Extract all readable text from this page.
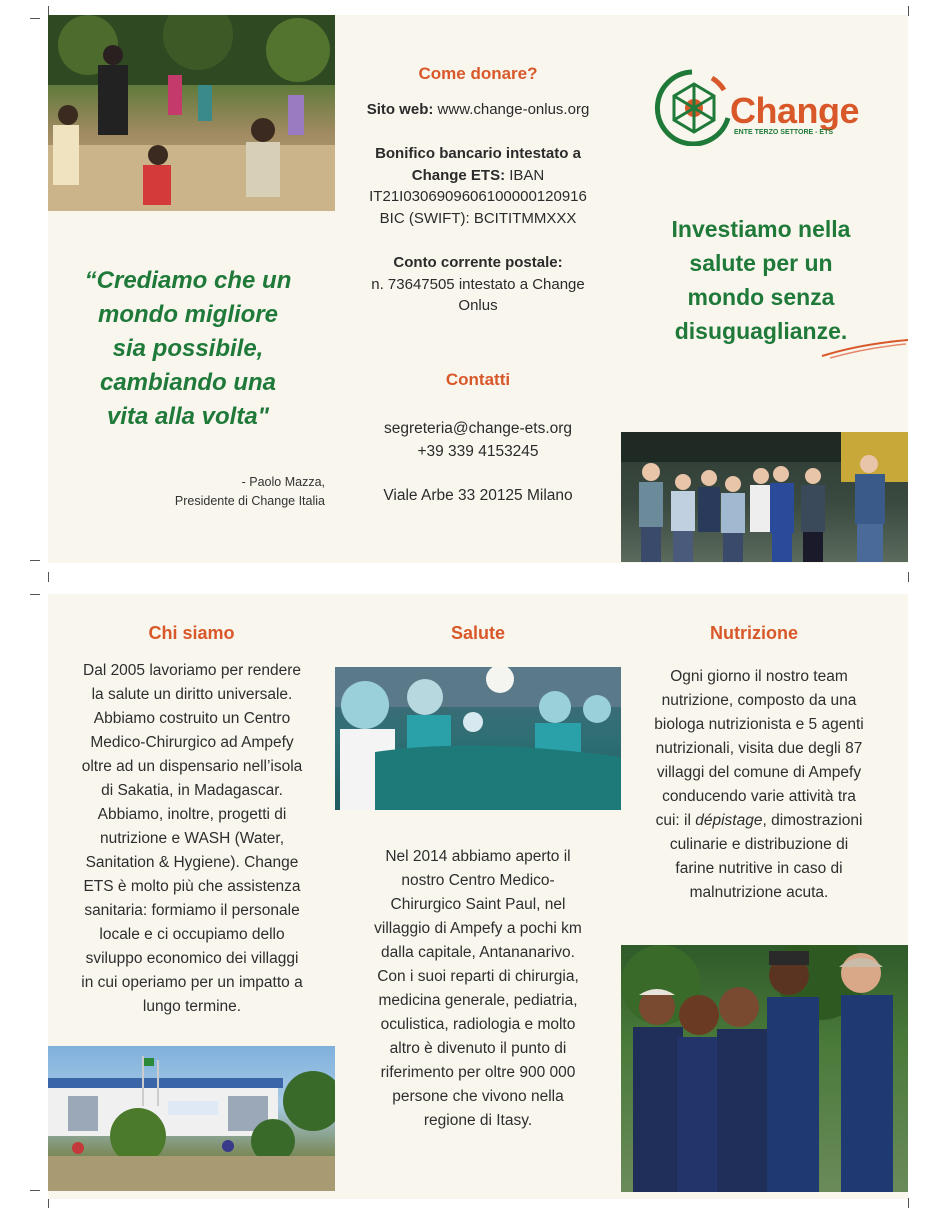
“Crediamo che un
mondo migliore
sia possibile,
cambiando una
vita alla volta"
- Paolo Mazza,
Presidente di Change Italia
Come donare?
Sito web: www.change-onlus.org
Bonifico bancario intestato a
Change ETS: IBAN
IT21I0306909606100000120916
BIC (SWIFT): BCITITMMXXX
Conto corrente postale:
n. 73647505 intestato a Change
Onlus
Contatti
segreteria@change-ets.org
+39 339 4153245
Viale Arbe 33 20125 Milano
Change
ENTE TERZO SETTORE - ETS
Investiamo nella
salute per un
mondo senza
disuguaglianze.
Chi siamo
Dal 2005 lavoriamo per rendere
la salute un diritto universale.
Abbiamo costruito un Centro
Medico-Chirurgico ad Ampefy
oltre ad un dispensario nell’isola
di Sakatia, in Madagascar.
Abbiamo, inoltre, progetti di
nutrizione e WASH (Water,
Sanitation & Hygiene). Change
ETS è molto più che assistenza
sanitaria: formiamo il personale
locale e ci occupiamo dello
sviluppo economico dei villaggi
in cui operiamo per un impatto a
lungo termine.
Salute
Nel 2014 abbiamo aperto il
nostro Centro Medico-
Chirurgico Saint Paul, nel
villaggio di Ampefy a pochi km
dalla capitale, Antananarivo.
Con i suoi reparti di chirurgia,
medicina generale, pediatria,
oculistica, radiologia e molto
altro è divenuto il punto di
riferimento per oltre 900 000
persone che vivono nella
regione di Itasy.
Nutrizione
Ogni giorno il nostro team
nutrizione, composto da una
biologa nutrizionista e 5 agenti
nutrizionali, visita due degli 87
villaggi del comune di Ampefy
conducendo varie attività tra
cui: il dépistage, dimostrazioni
culinarie e distribuzione di
farine nutritive in caso di
malnutrizione acuta.
